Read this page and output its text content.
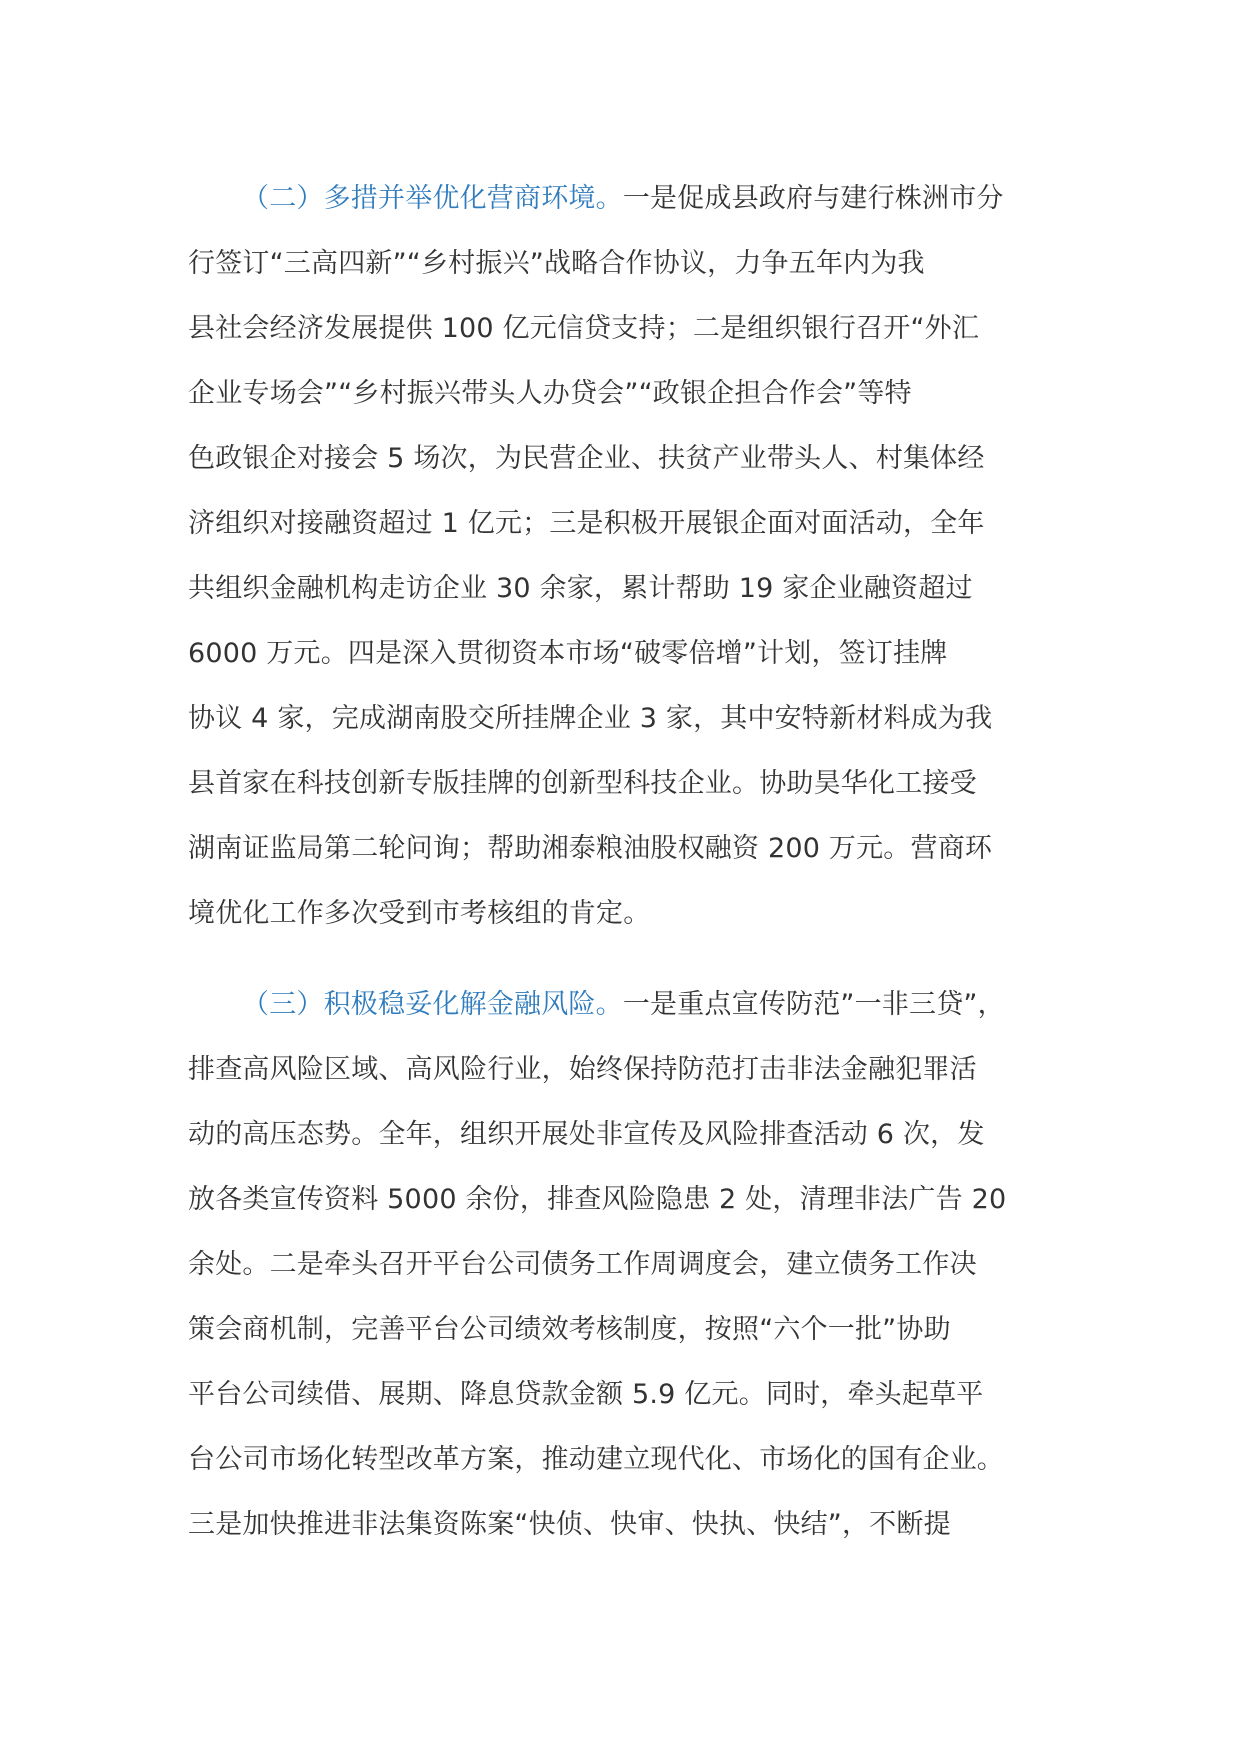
（二）多措并举优化营商环境。一是促成县政府与建行株洲市分
行签订“三高四新”“乡村振兴”战略合作协议，力争五年内为我
县社会经济发展提供 100 亿元信贷支持；二是组织银行召开“外汇
企业专场会”“乡村振兴带头人办贷会”“政银企担合作会”等特
色政银企对接会 5 场次，为民营企业、扶贫产业带头人、村集体经
济组织对接融资超过 1 亿元；三是积极开展银企面对面活动，全年
共组织金融机构走访企业 30 余家，累计帮助 19 家企业融资超过
6000 万元。四是深入贯彻资本市场“破零倍增”计划，签订挂牌
协议 4 家，完成湖南股交所挂牌企业 3 家，其中安特新材料成为我
县首家在科技创新专版挂牌的创新型科技企业。协助昊华化工接受
湖南证监局第二轮问询；帮助湘泰粮油股权融资 200 万元。营商环
境优化工作多次受到市考核组的肯定。

（三）积极稳妥化解金融风险。一是重点宣传防范”一非三贷”，
排查高风险区域、高风险行业，始终保持防范打击非法金融犯罪活
动的高压态势。全年，组织开展处非宣传及风险排查活动 6 次，发
放各类宣传资料 5000 余份，排查风险隐患 2 处，清理非法广告 20
余处。二是牵头召开平台公司债务工作周调度会，建立债务工作决
策会商机制，完善平台公司绩效考核制度，按照“六个一批”协助
平台公司续借、展期、降息贷款金额 5.9 亿元。同时，牵头起草平
台公司市场化转型改革方案，推动建立现代化、市场化的国有企业。
三是加快推进非法集资陈案“快侦、快审、快执、快结”，不断提
